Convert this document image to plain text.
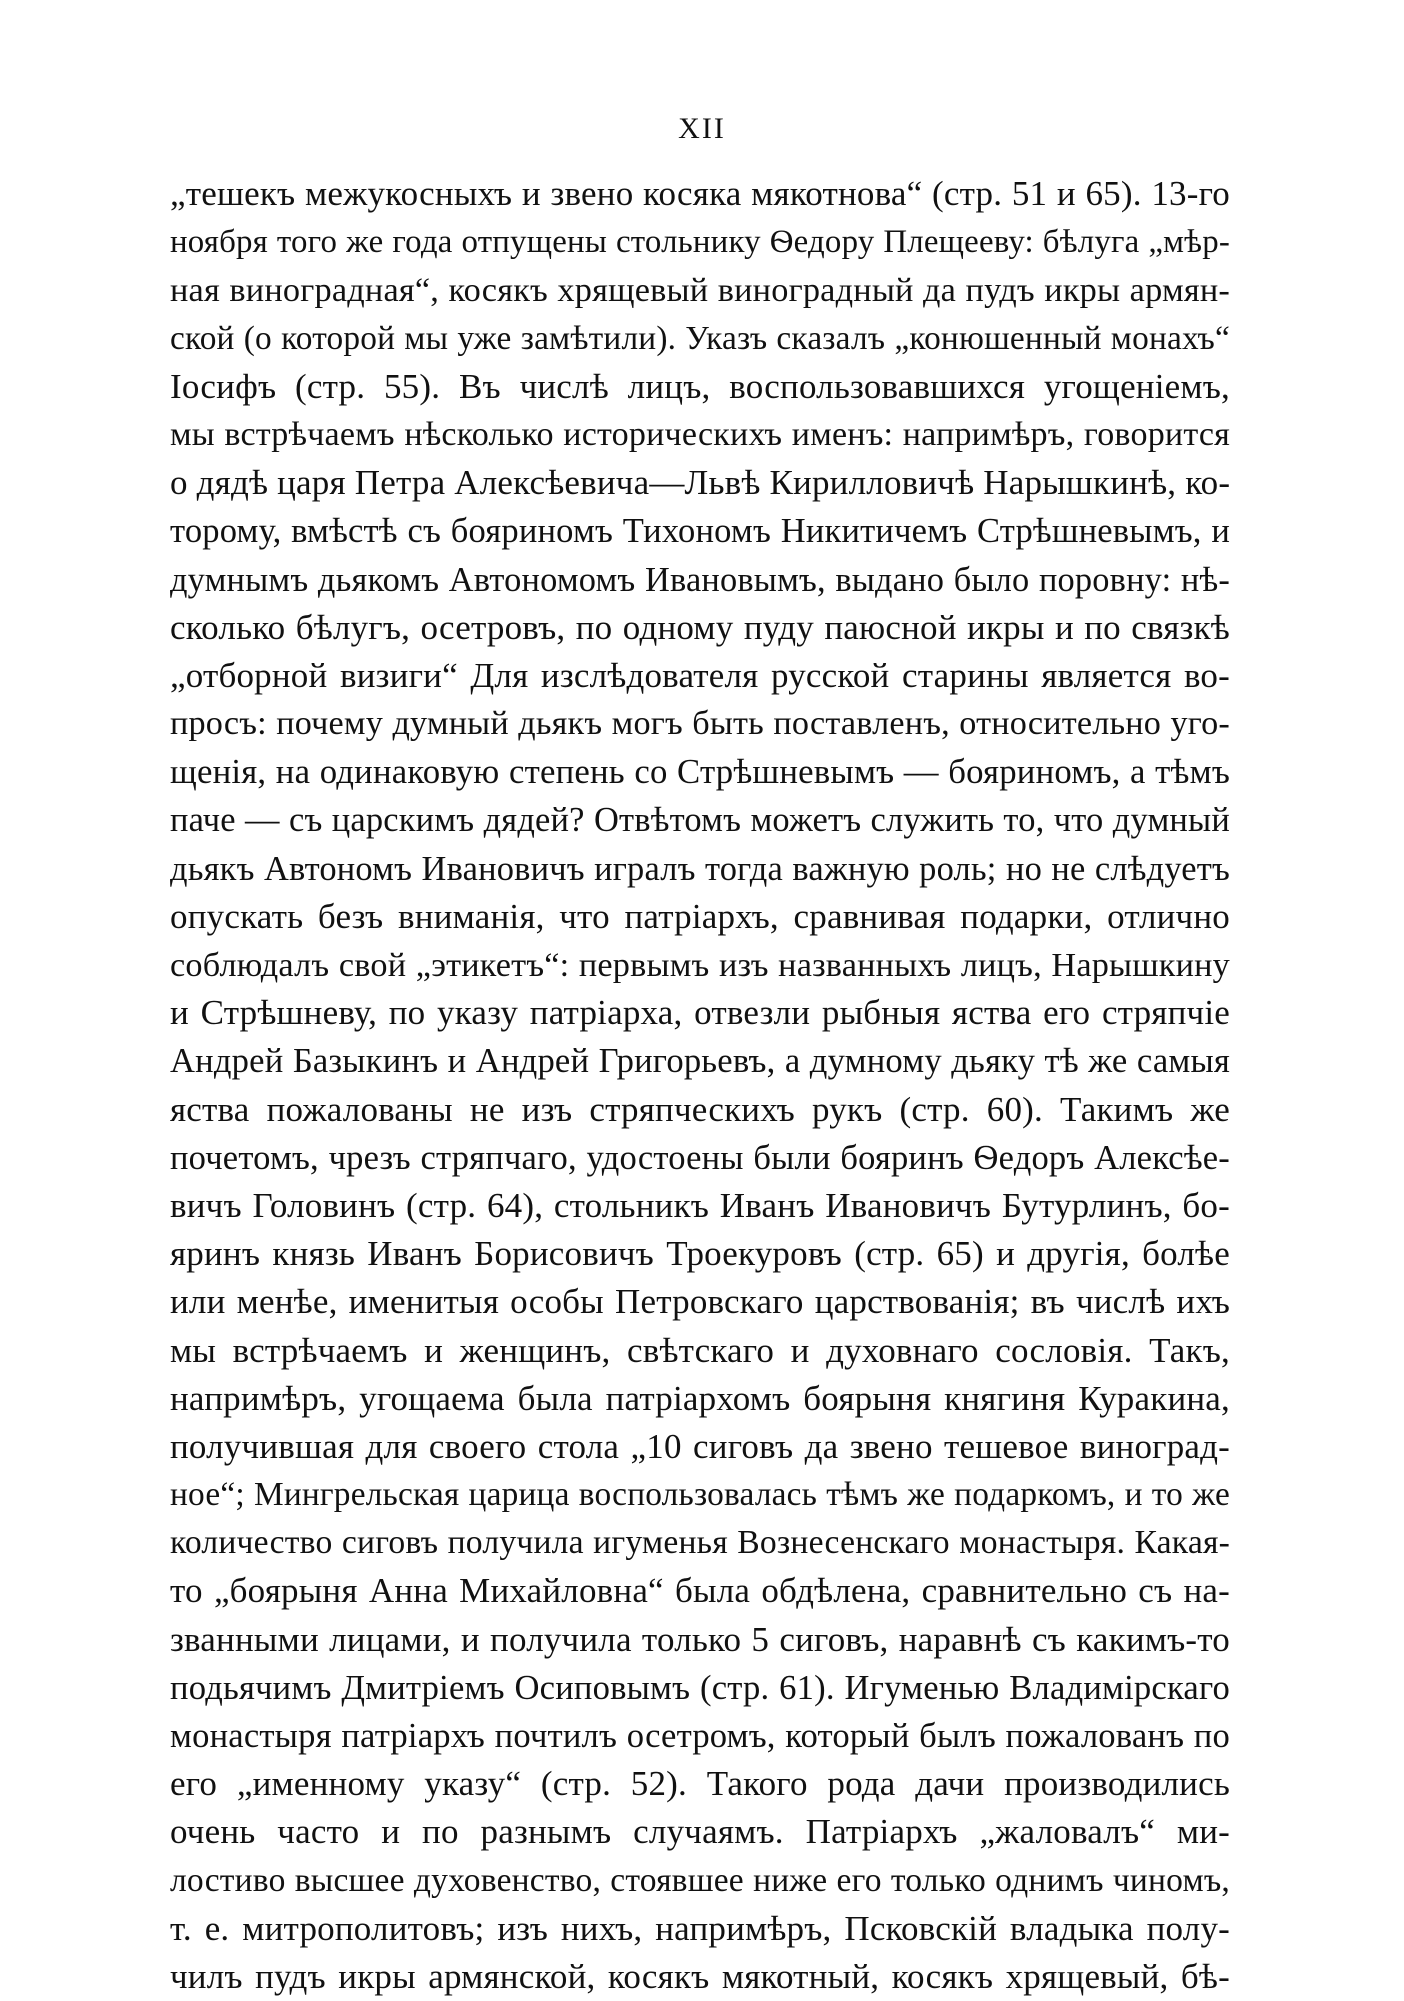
XII
„тешекъ межукосныхъ и звено косяка мякотнова“ (стр. 51 и 65). 13-го
ноября того же года отпущены стольнику Ѳедору Плещееву: бѣлуга „мѣр-
ная виноградная“, косякъ хрящевый виноградный да пудъ икры армян-
ской (о которой мы уже замѣтили). Указъ сказалъ „конюшенный монахъ“
Іосифъ (стр. 55). Въ числѣ лицъ, воспользовавшихся угощеніемъ,
мы встрѣчаемъ нѣсколько историческихъ именъ: напримѣръ, говорится
о дядѣ царя Петра Алексѣевича—Львѣ Кирилловичѣ Нарышкинѣ, ко-
торому, вмѣстѣ съ бояриномъ Тихономъ Никитичемъ Стрѣшневымъ, и
думнымъ дьякомъ Автономомъ Ивановымъ, выдано было поровну: нѣ-
сколько бѣлугъ, осетровъ, по одному пуду паюсной икры и по связкѣ
„отборной визиги“ Для изслѣдователя русской старины является во-
просъ: почему думный дьякъ могъ быть поставленъ, относительно уго-
щенія, на одинаковую степень со Стрѣшневымъ — бояриномъ, а тѣмъ
паче — съ царскимъ дядей? Отвѣтомъ можетъ служить то, что думный
дьякъ Автономъ Ивановичъ игралъ тогда важную роль; но не слѣдуетъ
опускать безъ вниманія, что патріархъ, сравнивая подарки, отлично
соблюдалъ свой „этикетъ“: первымъ изъ названныхъ лицъ, Нарышкину
и Стрѣшневу, по указу патріарха, отвезли рыбныя яства его стряпчіе
Андрей Базыкинъ и Андрей Григорьевъ, а думному дьяку тѣ же самыя
яства пожалованы не изъ стряпческихъ рукъ (стр. 60). Такимъ же
почетомъ, чрезъ стряпчаго, удостоены были бояринъ Ѳедоръ Алексѣе-
вичъ Головинъ (стр. 64), стольникъ Иванъ Ивановичъ Бутурлинъ, бо-
яринъ князь Иванъ Борисовичъ Троекуровъ (стр. 65) и другія, болѣе
или менѣе, именитыя особы Петровскаго царствованія; въ числѣ ихъ
мы встрѣчаемъ и женщинъ, свѣтскаго и духовнаго сословія. Такъ,
напримѣръ, угощаема была патріархомъ боярыня княгиня Куракина,
получившая для своего стола „10 сиговъ да звено тешевое виноград-
ное“; Мингрельская царица воспользовалась тѣмъ же подаркомъ, и то же
количество сиговъ получила игуменья Вознесенскаго монастыря. Какая-
то „боярыня Анна Михайловна“ была обдѣлена, сравнительно съ на-
званными лицами, и получила только 5 сиговъ, наравнѣ съ какимъ-то
подьячимъ Дмитріемъ Осиповымъ (стр. 61). Игуменью Владимірскаго
монастыря патріархъ почтилъ осетромъ, который былъ пожалованъ по
его „именному указу“ (стр. 52). Такого рода дачи производились
очень часто и по разнымъ случаямъ. Патріархъ „жаловалъ“ ми-
лостиво высшее духовенство, стоявшее ниже его только однимъ чиномъ,
т. е. митрополитовъ; изъ нихъ, напримѣръ, Псковскій владыка полу-
чилъ пудъ икры армянской, косякъ мякотный, косякъ хрящевый, бѣ-
